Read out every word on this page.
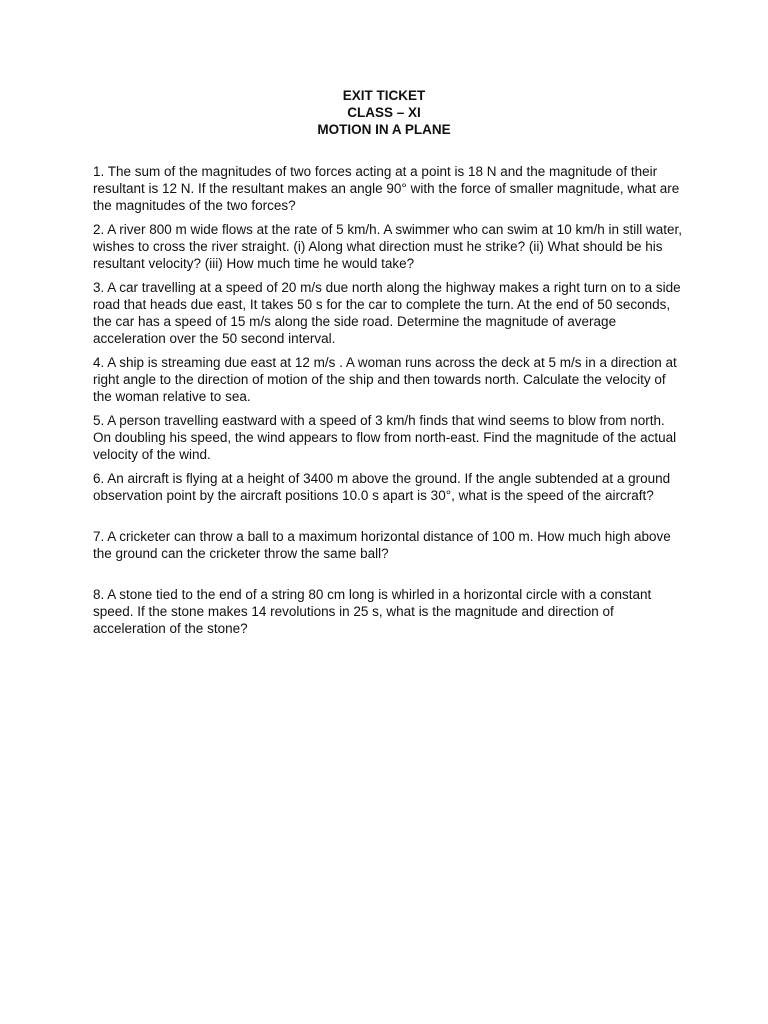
EXIT TICKET
CLASS – XI
MOTION IN A PLANE

1. The sum of the magnitudes of two forces acting at a point is 18 N and the magnitude of their resultant is 12 N. If the resultant makes an angle 90° with the force of smaller magnitude, what are the magnitudes of the two forces?

2. A river 800 m wide flows at the rate of 5 km/h. A swimmer who can swim at 10 km/h in still water, wishes to cross the river straight. (i) Along what direction must he strike? (ii) What should be his resultant velocity? (iii) How much time he would take?

3. A car travelling at a speed of 20 m/s due north along the highway makes a right turn on to a side road that heads due east, It takes 50 s for the car to complete the turn. At the end of 50 seconds, the car has a speed of 15 m/s along the side road. Determine the magnitude of average acceleration over the 50 second interval.

4. A ship is streaming due east at 12 m/s . A woman runs across the deck at 5 m/s in a direction at right angle to the direction of motion of the ship and then towards north. Calculate the velocity of the woman relative to sea.

5. A person travelling eastward with a speed of 3 km/h finds that wind seems to blow from north. On doubling his speed, the wind appears to flow from north-east. Find the magnitude of the actual velocity of the wind.

6. An aircraft is flying at a height of 3400 m above the ground. If the angle subtended at a ground observation point by the aircraft positions 10.0 s apart is 30°, what is the speed of the aircraft?

7. A cricketer can throw a ball to a maximum horizontal distance of 100 m. How much high above the ground can the cricketer throw the same ball?

8. A stone tied to the end of a string 80 cm long is whirled in a horizontal circle with a constant speed. If the stone makes 14 revolutions in 25 s, what is the magnitude and direction of acceleration of the stone?
